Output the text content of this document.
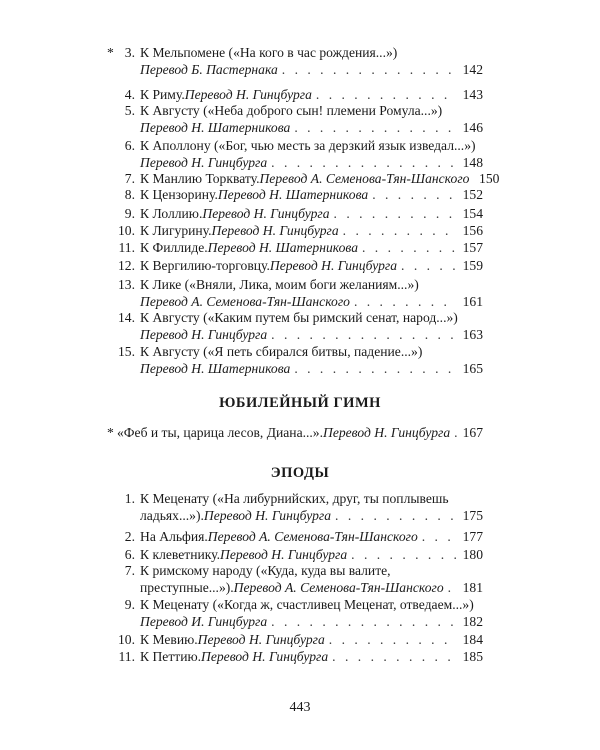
* 3. К Мельпомене («На кого в час рождения...»)
Перевод Б. Пастернака . . .	142
4. К Риму. Перевод Н. Гинцбурга . . .	143
5. К Августу («Неба доброго сын! племени Ромула...»)
Перевод Н. Шатерникова . . .	146
6. К Аполлону («Бог, чью месть за дерзкий язык изведал...»)
Перевод Н. Гинцбурга . . .	148
7. К Манлию Торквату. Перевод А. Семенова-Тян-Шанского 150
8. К Цензорину. Перевод Н. Шатерникова . . .	152
9. К Лоллию. Перевод Н. Гинцбурга . . .	154
10. К Лигурину. Перевод Н. Гинцбурга . . .	156
11. К Филлиде. Перевод Н. Шатерникова . . .	157
12. К Вергилию-торговцу. Перевод Н. Гинцбурга . . .	159
13. К Лике («Вняли, Лика, моим боги желаниям...»)
Перевод А. Семенова-Тян-Шанского . . .	161
14. К Августу («Каким путем бы римский сенат, народ...»)
Перевод Н. Гинцбурга . . .	163
15. К Августу («Я петь сбирался битвы, падение...»)
Перевод Н. Шатерникова . . .	165
ЮБИЛЕЙНЫЙ ГИМН
* «Феб и ты, царица лесов, Диана...». Перевод Н. Гинцбурга . . . 167
ЭПОДЫ
1. К Меценату («На либурнийских, друг, ты поплывешь
ладьях...»). Перевод Н. Гинцбурга . . .	175
2. На Альфия. Перевод А. Семенова-Тян-Шанского . . .	177
6. К клеветнику. Перевод Н. Гинцбурга . . .	180
7. К римскому народу («Куда, куда вы валите,
преступные...»). Перевод А. Семенова-Тян-Шанского . . . 181
9. К Меценату («Когда ж, счастливец Меценат, отведаем...»)
Перевод И. Гинцбурга . . .	182
10. К Мевию. Перевод Н. Гинцбурга . . .	184
11. К Петтию. Перевод Н. Гинцбурга . . .	185
443
